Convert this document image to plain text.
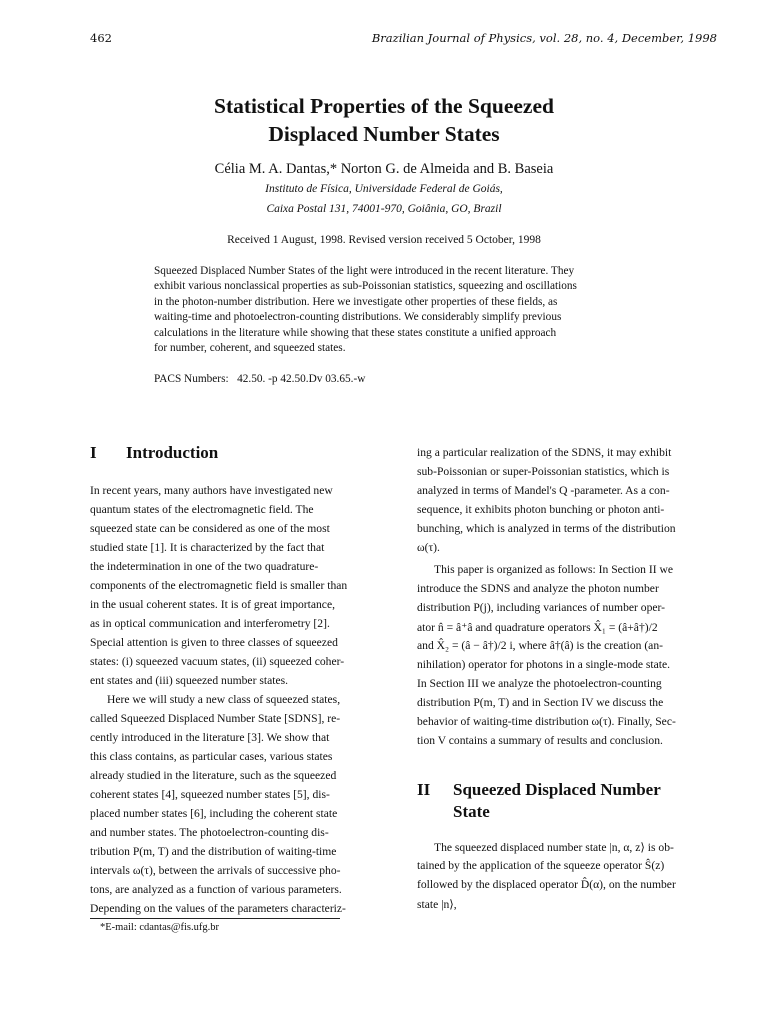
462	Brazilian Journal of Physics, vol. 28, no. 4, December, 1998
Statistical Properties of the Squeezed
Displaced Number States
Célia M. A. Dantas,* Norton G. de Almeida and B. Baseia
Instituto de Física, Universidade Federal de Goiás,
Caixa Postal 131, 74001-970, Goiânia, GO, Brazil
Received 1 August, 1998. Revised version received 5 October, 1998
Squeezed Displaced Number States of the light were introduced in the recent literature. They
exhibit various nonclassical properties as sub-Poissonian statistics, squeezing and oscillations
in the photon-number distribution. Here we investigate other properties of these fields, as
waiting-time and photoelectron-counting distributions. We considerably simplify previous
calculations in the literature while showing that these states constitute a unified approach
for number, coherent, and squeezed states.
PACS Numbers:   42.50. -p 42.50.Dv 03.65.-w
I Introduction
In recent years, many authors have investigated new
quantum states of the electromagnetic field. The
squeezed state can be considered as one of the most
studied state [1]. It is characterized by the fact that
the indetermination in one of the two quadrature-
components of the electromagnetic field is smaller than
in the usual coherent states. It is of great importance,
as in optical communication and interferometry [2].
Special attention is given to three classes of squeezed
states: (i) squeezed vacuum states, (ii) squeezed coher-
ent states and (iii) squeezed number states.
Here we will study a new class of squeezed states,
called Squeezed Displaced Number State [SDNS], re-
cently introduced in the literature [3]. We show that
this class contains, as particular cases, various states
already studied in the literature, such as the squeezed
coherent states [4], squeezed number states [5], dis-
placed number states [6], including the coherent state
and number states. The photoelectron-counting dis-
tribution P(m, T) and the distribution of waiting-time
intervals ω(τ), between the arrivals of successive pho-
tons, are analyzed as a function of various parameters.
Depending on the values of the parameters characteriz-
ing a particular realization of the SDNS, it may exhibit
sub-Poissonian or super-Poissonian statistics, which is
analyzed in terms of Mandel's Q -parameter. As a con-
sequence, it exhibits photon bunching or photon anti-
bunching, which is analyzed in terms of the distribution
ω(τ).
This paper is organized as follows: In Section II we
introduce the SDNS and analyze the photon number
distribution P(j), including variances of number oper-
ator n̂ = â⁺â and quadrature operators X̂₁ = (â+â†)/2
and X̂₂ = (â − â†)/2 i, where â†(â) is the creation (an-
nihilation) operator for photons in a single-mode state.
In Section III we analyze the photoelectron-counting
distribution P(m, T) and in Section IV we discuss the
behavior of waiting-time distribution ω(τ). Finally, Sec-
tion V contains a summary of results and conclusion.
The squeezed displaced number state |n, α, z⟩ is ob-
tained by the application of the squeeze operator Ŝ(z)
followed by the displaced operator D̂(α), on the number
state |n⟩,
II Squeezed Displaced Number
State
*E-mail: cdantas@fis.ufg.br
